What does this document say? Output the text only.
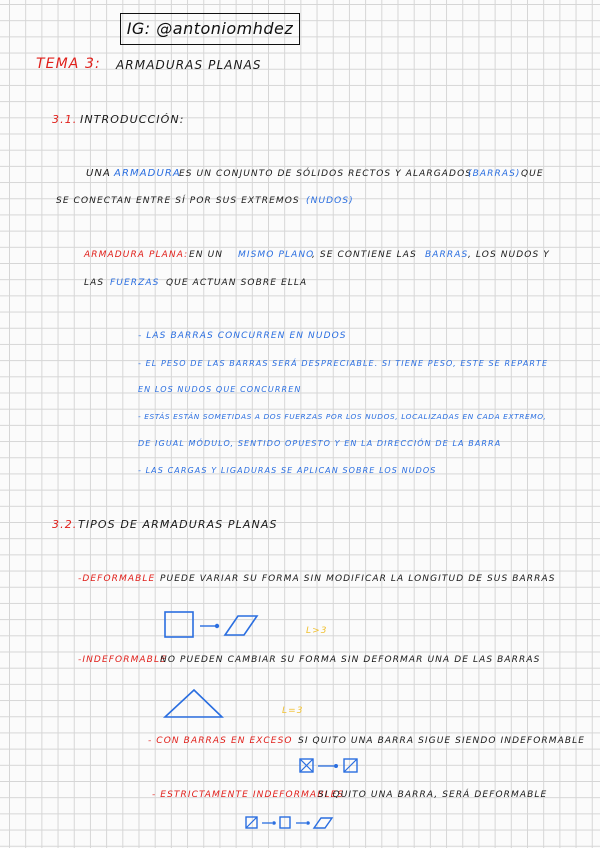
IG: @antoniomhdez
TEMA 3: ARMADURAS PLANAS
3.1. INTRODUCCIÓN:
UNA ARMADURA
ES UN CONJUNTO DE SÓLIDOS RECTOS Y ALARGADOS
(BARRAS) QUE
SE CONECTAN ENTRE SÍ POR SUS EXTREMOS (NUDOS)
ARMADURA PLANA: EN UN MISMO PLANO
, SE CONTIENE LAS BARRAS , LOS NUDOS Y
LAS FUERZAS QUE ACTUAN SOBRE ELLA
- LAS BARRAS CONCURREN EN NUDOS
- EL PESO DE LAS BARRAS SERÁ DESPRECIABLE. SI TIENE PESO, ESTE SE REPARTE
EN LOS NUDOS QUE CONCURREN
- ESTÁS ESTÁN SOMETIDAS A DOS FUERZAS POR LOS NUDOS, LOCALIZADAS EN CADA EXTREMO,
DE IGUAL MÓDULO, SENTIDO OPUESTO Y EN LA DIRECCIÓN DE LA BARRA
- LAS CARGAS Y LIGADURAS SE APLICAN SOBRE LOS NUDOS
3.2. TIPOS DE ARMADURAS PLANAS
-DEFORMABLE PUEDE VARIAR SU FORMA SIN MODIFICAR LA LONGITUD DE SUS BARRAS
L>3
-INDEFORMABLE
NO PUEDEN CAMBIAR SU FORMA SIN DEFORMAR UNA DE LAS BARRAS
L=3
- CON BARRAS EN EXCESO SI QUITO UNA BARRA SIGUE SIENDO INDEFORMABLE
- ESTRICTAMENTE INDEFORMABLES
SI QUITO UNA BARRA, SERÁ DEFORMABLE
